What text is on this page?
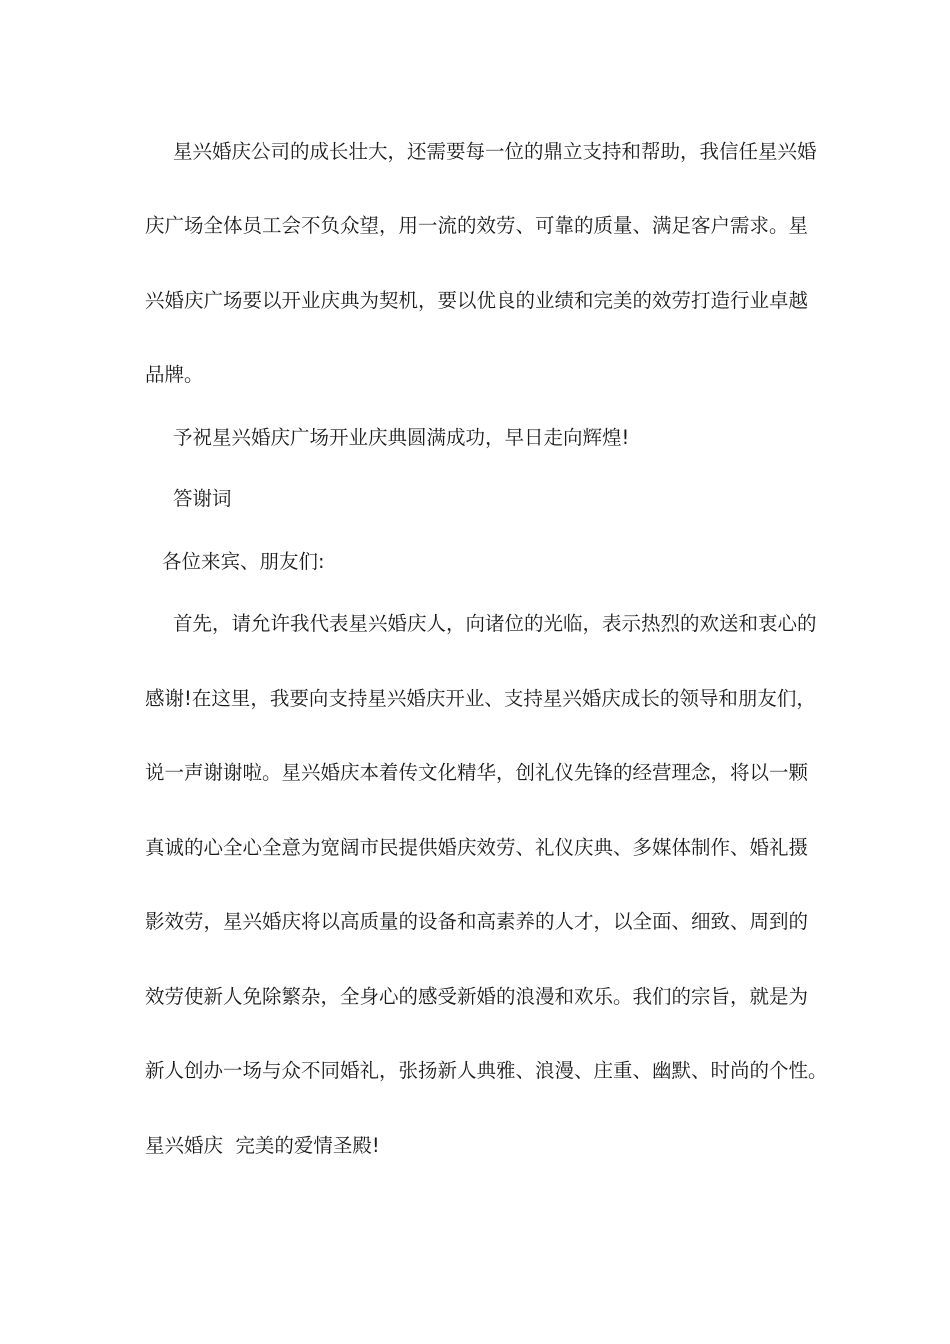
星兴婚庆公司的成长壮大，还需要每一位的鼎立支持和帮助，我信任星兴婚
庆广场全体员工会不负众望，用一流的效劳、可靠的质量、满足客户需求。星
兴婚庆广场要以开业庆典为契机，要以优良的业绩和完美的效劳打造行业卓越
品牌。
予祝星兴婚庆广场开业庆典圆满成功，早日走向辉煌!
答谢词
各位来宾、朋友们:
首先，请允许我代表星兴婚庆人，向诸位的光临，表示热烈的欢送和衷心的
感谢!在这里，我要向支持星兴婚庆开业、支持星兴婚庆成长的领导和朋友们，
说一声谢谢啦。星兴婚庆本着传文化精华，创礼仪先锋的经营理念，将以一颗
真诚的心全心全意为宽阔市民提供婚庆效劳、礼仪庆典、多媒体制作、婚礼摄
影效劳，星兴婚庆将以高质量的设备和高素养的人才，以全面、细致、周到的
效劳使新人免除繁杂，全身心的感受新婚的浪漫和欢乐。我们的宗旨，就是为
新人创办一场与众不同婚礼，张扬新人典雅、浪漫、庄重、幽默、时尚的个性。
星兴婚庆  完美的爱情圣殿!
